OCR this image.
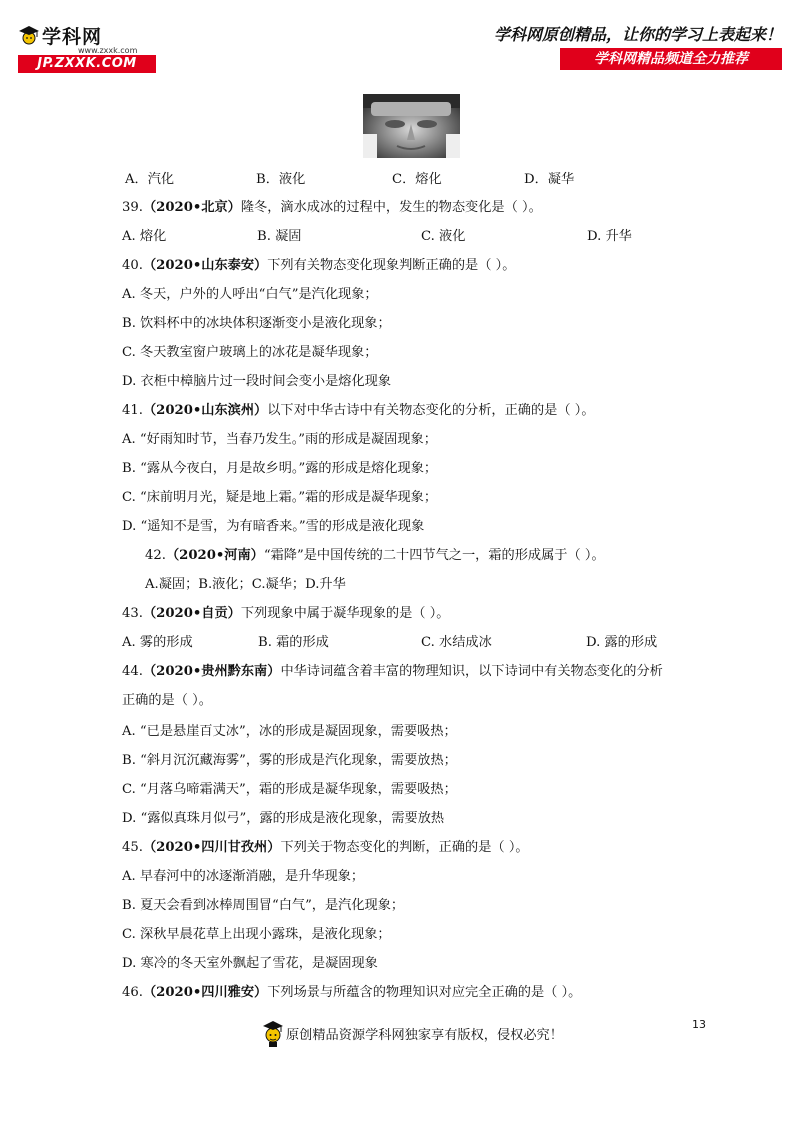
学科网
www.zxxk.com
JP.ZXXK.COM
学科网原创精品，让你的学习上表起来！
学科网精品频道全力推荐
A．汽化	B．液化	C．熔化	D．凝华
39.（2020•北京）隆冬，滴水成冰的过程中，发生的物态变化是（ ）。
A. 熔化	B. 凝固	C. 液化	D. 升华
40.（2020•山东泰安）下列有关物态变化现象判断正确的是（ ）。
A. 冬天，户外的人呼出“白气”是汽化现象；
B. 饮料杯中的冰块体积逐渐变小是液化现象；
C. 冬天教室窗户玻璃上的冰花是凝华现象；
D. 衣柜中樟脑片过一段时间会变小是熔化现象
41.（2020•山东滨州）以下对中华古诗中有关物态变化的分析，正确的是（ ）。
A. “好雨知时节，当春乃发生。”雨的形成是凝固现象；
B. “露从今夜白，月是故乡明。”露的形成是熔化现象；
C. “床前明月光，疑是地上霜。”霜的形成是凝华现象；
D. “遥知不是雪，为有暗香来。”雪的形成是液化现象
42.（2020•河南）“霜降”是中国传统的二十四节气之一，霜的形成属于（ ）。
A.凝固；B.液化；C.凝华；D.升华
43.（2020•自贡）下列现象中属于凝华现象的是（ ）。
A. 雾的形成	B. 霜的形成	C. 水结成冰	D. 露的形成
44.（2020•贵州黔东南）中华诗词蕴含着丰富的物理知识，以下诗词中有关物态变化的分析
正确的是（ ）。
A. “已是悬崖百丈冰”，冰的形成是凝固现象，需要吸热；
B. “斜月沉沉藏海雾”，雾的形成是汽化现象，需要放热；
C. “月落乌啼霜满天”，霜的形成是凝华现象，需要吸热；
D. “露似真珠月似弓”，露的形成是液化现象，需要放热
45.（2020•四川甘孜州）下列关于物态变化的判断，正确的是（ ）。
A. 早春河中的冰逐渐消融，是升华现象；
B. 夏天会看到冰棒周围冒“白气”，是汽化现象；
C. 深秋早晨花草上出现小露珠，是液化现象；
D. 寒冷的冬天室外飘起了雪花，是凝固现象
46.（2020•四川雅安）下列场景与所蕴含的物理知识对应完全正确的是（ ）。
13
原创精品资源学科网独家享有版权，侵权必究！
